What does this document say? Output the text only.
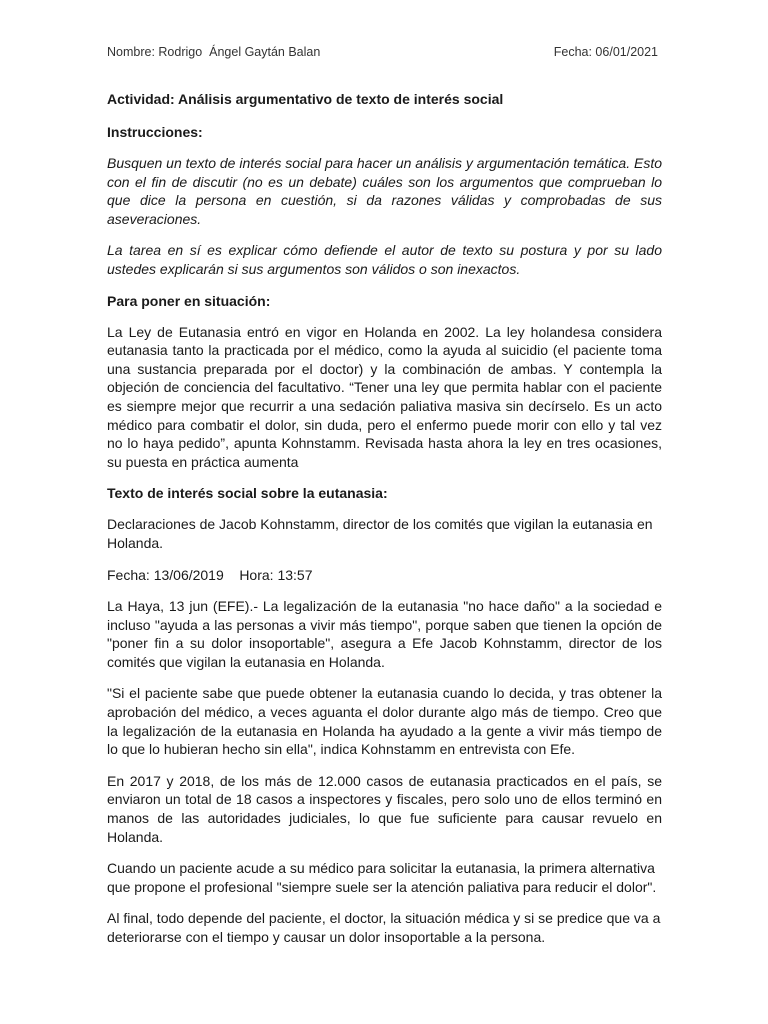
Nombre: Rodrigo  Ángel Gaytán Balan	Fecha: 06/01/2021
Actividad: Análisis argumentativo de texto de interés social
Instrucciones:

Busquen un texto de interés social para hacer un análisis y argumentación temática. Esto con el fin de discutir (no es un debate) cuáles son los argumentos que comprueban lo que dice la persona en cuestión, si da razones válidas y comprobadas de sus aseveraciones.

La tarea en sí es explicar cómo defiende el autor de texto su postura y por su lado ustedes explicarán si sus argumentos son válidos o son inexactos.

Para poner en situación:

La Ley de Eutanasia entró en vigor en Holanda en 2002. La ley holandesa considera eutanasia tanto la practicada por el médico, como la ayuda al suicidio (el paciente toma una sustancia preparada por el doctor) y la combinación de ambas. Y contempla la objeción de conciencia del facultativo. “Tener una ley que permita hablar con el paciente es siempre mejor que recurrir a una sedación paliativa masiva sin decírselo. Es un acto médico para combatir el dolor, sin duda, pero el enfermo puede morir con ello y tal vez no lo haya pedido”, apunta Kohnstamm. Revisada hasta ahora la ley en tres ocasiones, su puesta en práctica aumenta

Texto de interés social sobre la eutanasia:

Declaraciones de Jacob Kohnstamm, director de los comités que vigilan la eutanasia en Holanda.

Fecha: 13/06/2019    Hora: 13:57

La Haya, 13 jun (EFE).- La legalización de la eutanasia "no hace daño" a la sociedad e incluso "ayuda a las personas a vivir más tiempo", porque saben que tienen la opción de "poner fin a su dolor insoportable", asegura a Efe Jacob Kohnstamm, director de los comités que vigilan la eutanasia en Holanda.

"Si el paciente sabe que puede obtener la eutanasia cuando lo decida, y tras obtener la aprobación del médico, a veces aguanta el dolor durante algo más de tiempo. Creo que la legalización de la eutanasia en Holanda ha ayudado a la gente a vivir más tiempo de lo que lo hubieran hecho sin ella", indica Kohnstamm en entrevista con Efe.

En 2017 y 2018, de los más de 12.000 casos de eutanasia practicados en el país, se enviaron un total de 18 casos a inspectores y fiscales, pero solo uno de ellos terminó en manos de las autoridades judiciales, lo que fue suficiente para causar revuelo en Holanda.

Cuando un paciente acude a su médico para solicitar la eutanasia, la primera alternativa que propone el profesional "siempre suele ser la atención paliativa para reducir el dolor".

Al final, todo depende del paciente, el doctor, la situación médica y si se predice que va a deteriorarse con el tiempo y causar un dolor insoportable a la persona.
